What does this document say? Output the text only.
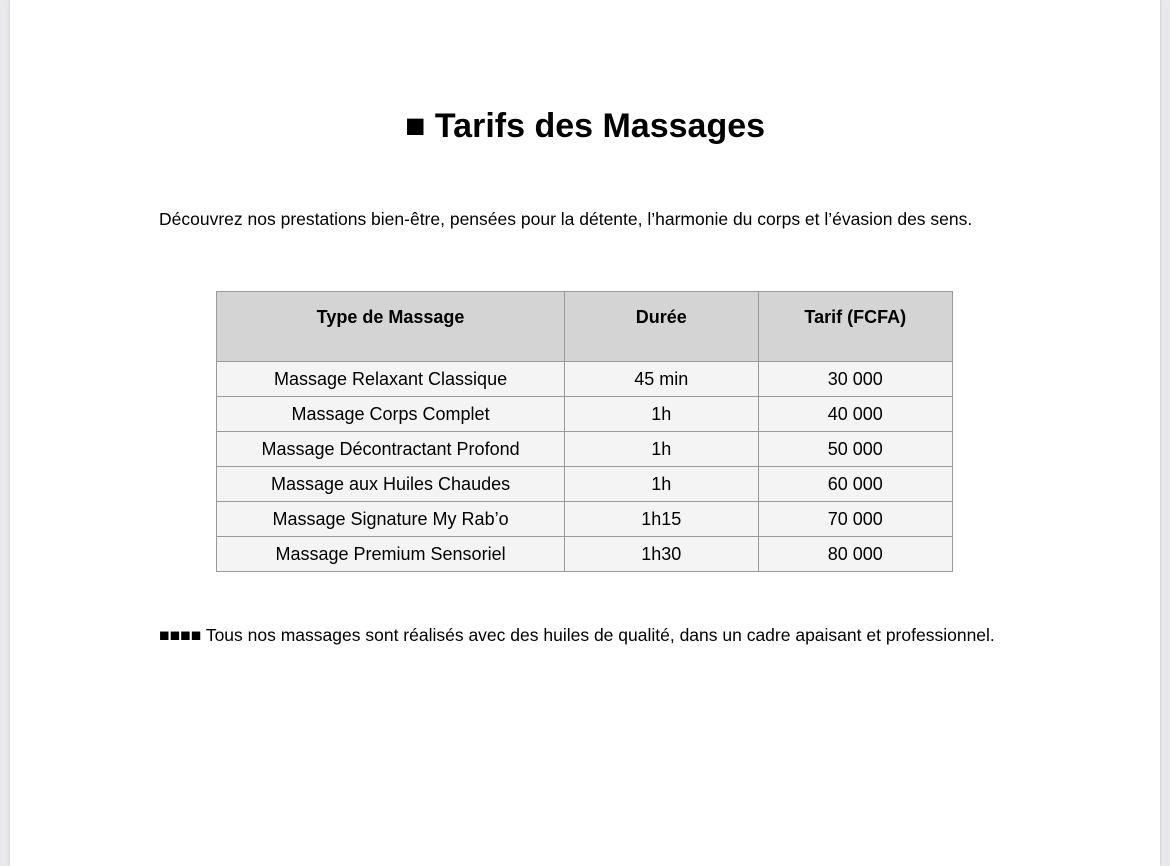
■ Tarifs des Massages

Découvrez nos prestations bien-être, pensées pour la détente, l’harmonie du corps et l’évasion des sens.

Type de Massage	Durée	Tarif (FCFA)
Massage Relaxant Classique	45 min	30 000
Massage Corps Complet	1h	40 000
Massage Décontractant Profond	1h	50 000
Massage aux Huiles Chaudes	1h	60 000
Massage Signature My Rab’o	1h15	70 000
Massage Premium Sensoriel	1h30	80 000

■■■■ Tous nos massages sont réalisés avec des huiles de qualité, dans un cadre apaisant et professionnel.
